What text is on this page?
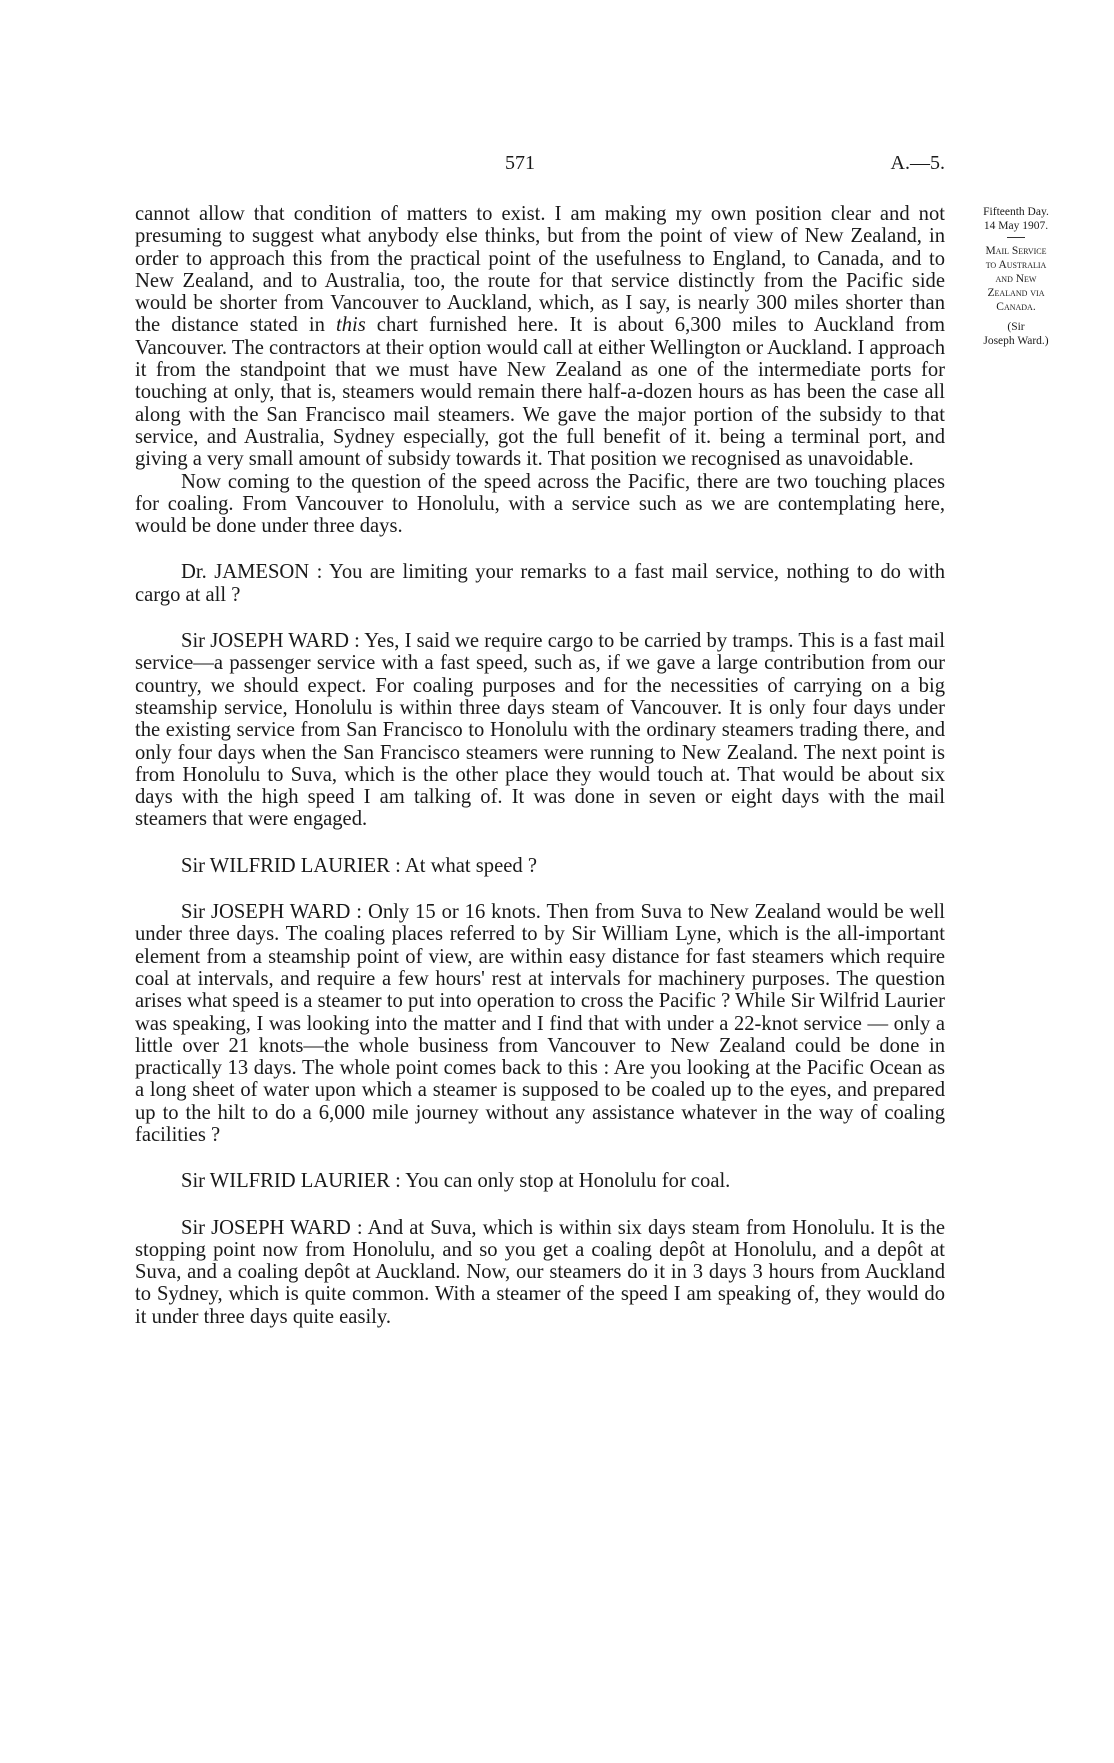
571	A.—5.

cannot allow that condition of matters to exist. I am making my own position clear and not presuming to suggest what anybody else thinks, but from the point of view of New Zealand, in order to approach this from the practical point of the usefulness to England, to Canada, and to New Zealand, and to Australia, too, the route for that service distinctly from the Pacific side would be shorter from Vancouver to Auckland, which, as I say, is nearly 300 miles shorter than the distance stated in this chart furnished here. It is about 6,300 miles to Auckland from Vancouver. The contractors at their option would call at either Wellington or Auckland. I approach it from the standpoint that we must have New Zealand as one of the intermediate ports for touching at only, that is, steamers would remain there half-a-dozen hours as has been the case all along with the San Francisco mail steamers. We gave the major portion of the subsidy to that service, and Australia, Sydney especially, got the full benefit of it. being a terminal port, and giving a very small amount of subsidy towards it. That position we recognised as unavoidable.

Now coming to the question of the speed across the Pacific, there are two touching places for coaling. From Vancouver to Honolulu, with a service such as we are contemplating here, would be done under three days.

Dr. JAMESON : You are limiting your remarks to a fast mail service, nothing to do with cargo at all ?

Sir JOSEPH WARD : Yes, I said we require cargo to be carried by tramps. This is a fast mail service—a passenger service with a fast speed, such as, if we gave a large contribution from our country, we should expect. For coaling purposes and for the necessities of carrying on a big steamship service, Honolulu is within three days steam of Vancouver. It is only four days under the existing service from San Francisco to Honolulu with the ordinary steamers trading there, and only four days when the San Francisco steamers were running to New Zealand. The next point is from Honolulu to Suva, which is the other place they would touch at. That would be about six days with the high speed I am talking of. It was done in seven or eight days with the mail steamers that were engaged.

Sir WILFRID LAURIER : At what speed ?

Sir JOSEPH WARD : Only 15 or 16 knots. Then from Suva to New Zealand would be well under three days. The coaling places referred to by Sir William Lyne, which is the all-important element from a steamship point of view, are within easy distance for fast steamers which require coal at intervals, and require a few hours' rest at intervals for machinery purposes. The question arises what speed is a steamer to put into operation to cross the Pacific ? While Sir Wilfrid Laurier was speaking, I was looking into the matter and I find that with under a 22-knot service — only a little over 21 knots—the whole business from Vancouver to New Zealand could be done in practically 13 days. The whole point comes back to this : Are you looking at the Pacific Ocean as a long sheet of water upon which a steamer is supposed to be coaled up to the eyes, and prepared up to the hilt to do a 6,000 mile journey without any assistance whatever in the way of coaling facilities ?

Sir WILFRID LAURIER : You can only stop at Honolulu for coal.

Sir JOSEPH WARD : And at Suva, which is within six days steam from Honolulu. It is the stopping point now from Honolulu, and so you get a coaling depôt at Honolulu, and a depôt at Suva, and a coaling depôt at Auckland. Now, our steamers do it in 3 days 3 hours from Auckland to Sydney, which is quite common. With a steamer of the speed I am speaking of, they would do it under three days quite easily.

Fifteenth Day.
14 May 1907.
Mail Service
to Australia
and New
Zealand via
Canada.
(Sir
Joseph Ward.)
